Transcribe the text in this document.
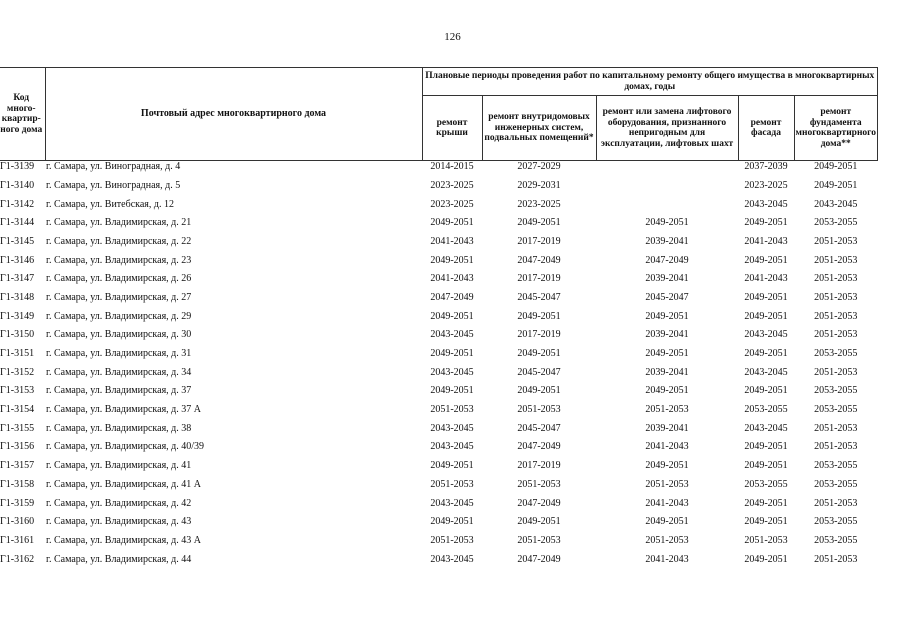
126
Код много-квартир-ного дома	Почтовый адрес многоквартирного дома	Плановые периоды проведения работ по капитальному ремонту общего имущества в многоквартирных домах, годы				
		ремонт крыши	ремонт внутридомовых инженерных систем, подвальных помещений*	ремонт или замена лифтового оборудования, признанного непригодным для эксплуатации, лифтовых шахт	ремонт фасада	ремонт фундамента многоквартирного дома**
Г1-3139	г. Самара, ул. Виноградная, д. 4	2014-2015	2027-2029		2037-2039	2049-2051
Г1-3140	г. Самара, ул. Виноградная, д. 5	2023-2025	2029-2031		2023-2025	2049-2051
Г1-3142	г. Самара, ул. Витебская, д. 12	2023-2025	2023-2025		2043-2045	2043-2045
Г1-3144	г. Самара, ул. Владимирская, д. 21	2049-2051	2049-2051	2049-2051	2049-2051	2053-2055
Г1-3145	г. Самара, ул. Владимирская, д. 22	2041-2043	2017-2019	2039-2041	2041-2043	2051-2053
Г1-3146	г. Самара, ул. Владимирская, д. 23	2049-2051	2047-2049	2047-2049	2049-2051	2051-2053
Г1-3147	г. Самара, ул. Владимирская, д. 26	2041-2043	2017-2019	2039-2041	2041-2043	2051-2053
Г1-3148	г. Самара, ул. Владимирская, д. 27	2047-2049	2045-2047	2045-2047	2049-2051	2051-2053
Г1-3149	г. Самара, ул. Владимирская, д. 29	2049-2051	2049-2051	2049-2051	2049-2051	2051-2053
Г1-3150	г. Самара, ул. Владимирская, д. 30	2043-2045	2017-2019	2039-2041	2043-2045	2051-2053
Г1-3151	г. Самара, ул. Владимирская, д. 31	2049-2051	2049-2051	2049-2051	2049-2051	2053-2055
Г1-3152	г. Самара, ул. Владимирская, д. 34	2043-2045	2045-2047	2039-2041	2043-2045	2051-2053
Г1-3153	г. Самара, ул. Владимирская, д. 37	2049-2051	2049-2051	2049-2051	2049-2051	2053-2055
Г1-3154	г. Самара, ул. Владимирская, д. 37 А	2051-2053	2051-2053	2051-2053	2053-2055	2053-2055
Г1-3155	г. Самара, ул. Владимирская, д. 38	2043-2045	2045-2047	2039-2041	2043-2045	2051-2053
Г1-3156	г. Самара, ул. Владимирская, д. 40/39	2043-2045	2047-2049	2041-2043	2049-2051	2051-2053
Г1-3157	г. Самара, ул. Владимирская, д. 41	2049-2051	2017-2019	2049-2051	2049-2051	2053-2055
Г1-3158	г. Самара, ул. Владимирская, д. 41 А	2051-2053	2051-2053	2051-2053	2053-2055	2053-2055
Г1-3159	г. Самара, ул. Владимирская, д. 42	2043-2045	2047-2049	2041-2043	2049-2051	2051-2053
Г1-3160	г. Самара, ул. Владимирская, д. 43	2049-2051	2049-2051	2049-2051	2049-2051	2053-2055
Г1-3161	г. Самара, ул. Владимирская, д. 43 А	2051-2053	2051-2053	2051-2053	2051-2053	2053-2055
Г1-3162	г. Самара, ул. Владимирская, д. 44	2043-2045	2047-2049	2041-2043	2049-2051	2051-2053
